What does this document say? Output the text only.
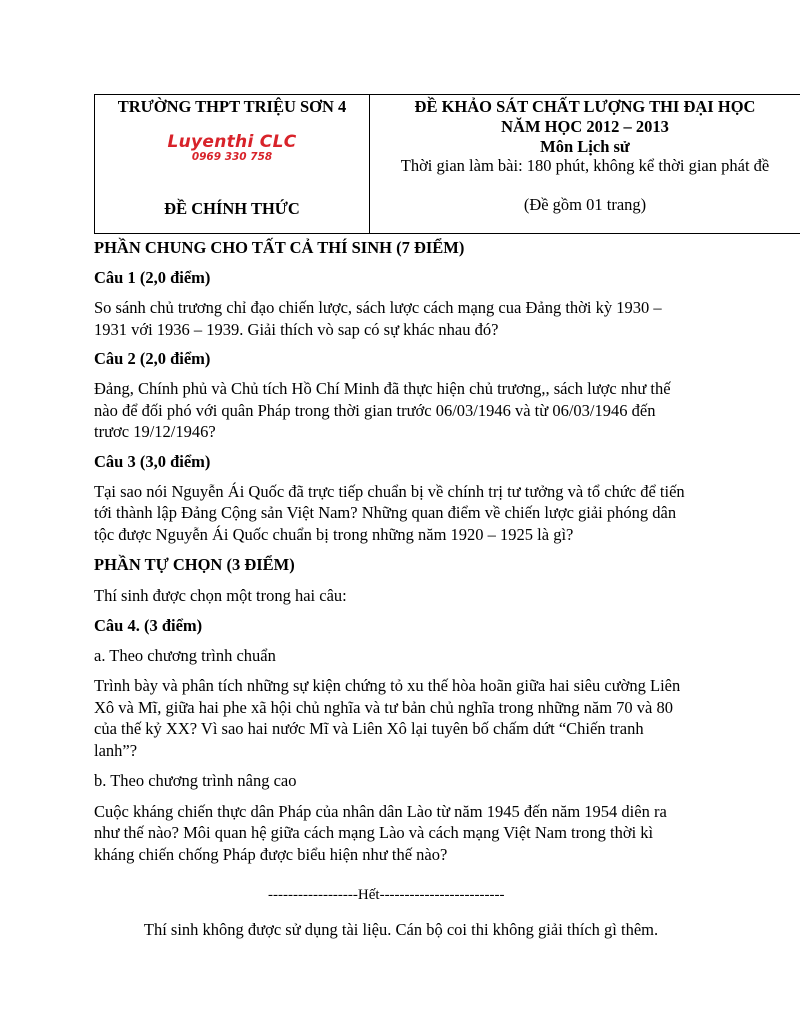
TRƯỜNG THPT TRIỆU SƠN 4
Luyenthi CLC
0969 330 758
ĐỀ CHÍNH THỨC
ĐỀ KHẢO SÁT CHẤT LƯỢNG THI ĐẠI HỌC
NĂM HỌC 2012 – 2013
Môn Lịch sử
Thời gian làm bài: 180 phút, không kể thời gian phát đề
(Đề gồm 01 trang)

PHẦN CHUNG CHO TẤT CẢ THÍ SINH (7 ĐIỂM)

Câu 1 (2,0 điểm)

So sánh chủ trương chỉ đạo chiến lược, sách lược cách mạng cua Đảng thời kỳ 1930 –
1931 với 1936 – 1939. Giải thích vò sap có sự khác nhau đó?

Câu 2 (2,0 điểm)

Đảng, Chính phủ và Chủ tích Hồ Chí Minh đã thực hiện chủ trương,, sách lược như thế
nào để đối phó với quân Pháp trong thời gian trước 06/03/1946 và từ 06/03/1946 đến
trươc 19/12/1946?

Câu 3 (3,0 điểm)

Tại sao nói Nguyễn Ái Quốc đã trực tiếp chuẩn bị về chính trị tư tưởng và tổ chức để tiến
tới thành lập Đảng Cộng sản Việt Nam? Những quan điểm về chiến lược giải phóng dân
tộc được Nguyễn Ái Quốc chuẩn bị trong những năm 1920 – 1925 là gì?

PHẦN TỰ CHỌN (3 ĐIỂM)

Thí sinh được chọn một trong hai câu:

Câu 4. (3 điểm)

a. Theo chương trình chuẩn

Trình bày và phân tích những sự kiện chứng tỏ xu thế hòa hoãn giữa hai siêu cường Liên
Xô và Mĩ, giữa hai phe xã hội chủ nghĩa và tư bản chủ nghĩa trong những năm 70 và 80
của thế kỷ XX? Vì sao hai nước Mĩ và Liên Xô lại tuyên bố chấm dứt “Chiến tranh
lanh”?

b. Theo chương trình nâng cao

Cuộc kháng chiến thực dân Pháp của nhân dân Lào từ năm 1945 đến năm 1954 diên ra
như thế nào? Môi quan hệ giữa cách mạng Lào và cách mạng Việt Nam trong thời kì
kháng chiến chống Pháp được biểu hiện như thế nào?
------------------Hết-------------------------
Thí sinh không được sử dụng tài liệu. Cán bộ coi thi không giải thích gì thêm.
